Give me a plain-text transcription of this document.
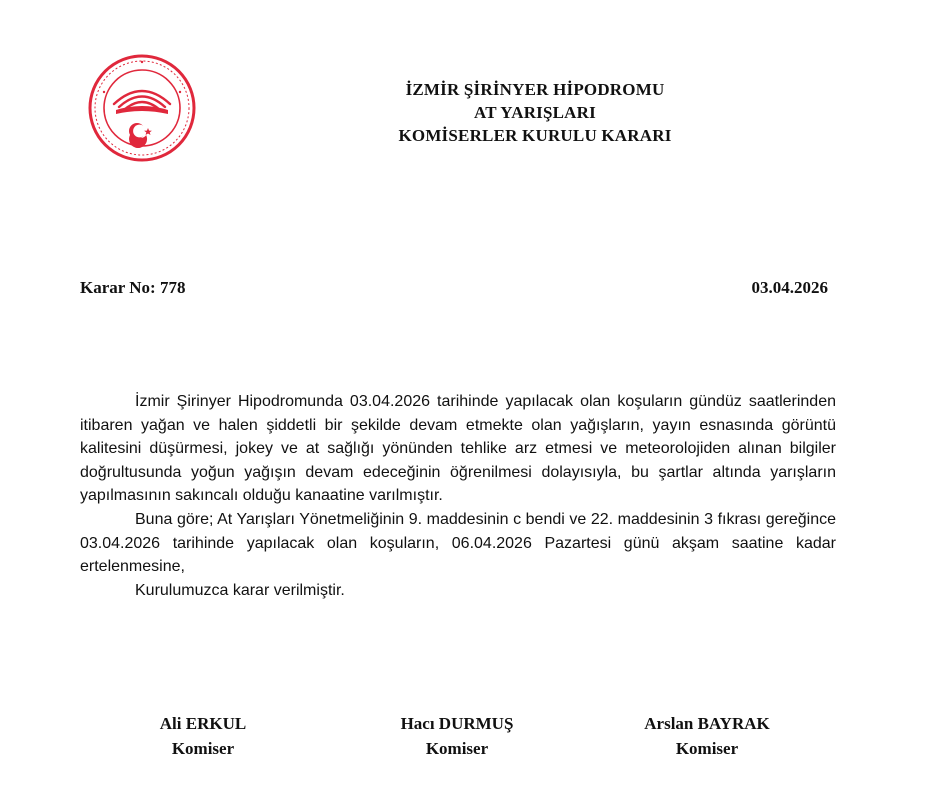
İZMİR ŞİRİNYER HİPODROMU
AT YARIŞLARI
KOMİSERLER KURULU KARARI
Karar No: 778	03.04.2026

İzmir Şirinyer Hipodromunda 03.04.2026 tarihinde yapılacak olan koşuların gündüz saatlerinden itibaren yağan ve halen şiddetli bir şekilde devam etmekte olan yağışların, yayın esnasında görüntü kalitesini düşürmesi, jokey ve at sağlığı yönünden tehlike arz etmesi ve meteorolojiden alınan bilgiler doğrultusunda yoğun yağışın devam edeceğinin öğrenilmesi dolayısıyla, bu şartlar altında yarışların yapılmasının sakıncalı olduğu kanaatine varılmıştır.

Buna göre; At Yarışları Yönetmeliğinin 9. maddesinin c bendi ve 22. maddesinin 3 fıkrası gereğince 03.04.2026 tarihinde yapılacak olan koşuların, 06.04.2026 Pazartesi günü akşam saatine kadar ertelenmesine,

Kurulumuzca karar verilmiştir.

Ali ERKUL
Komiser
Hacı DURMUŞ
Komiser
Arslan BAYRAK
Komiser
